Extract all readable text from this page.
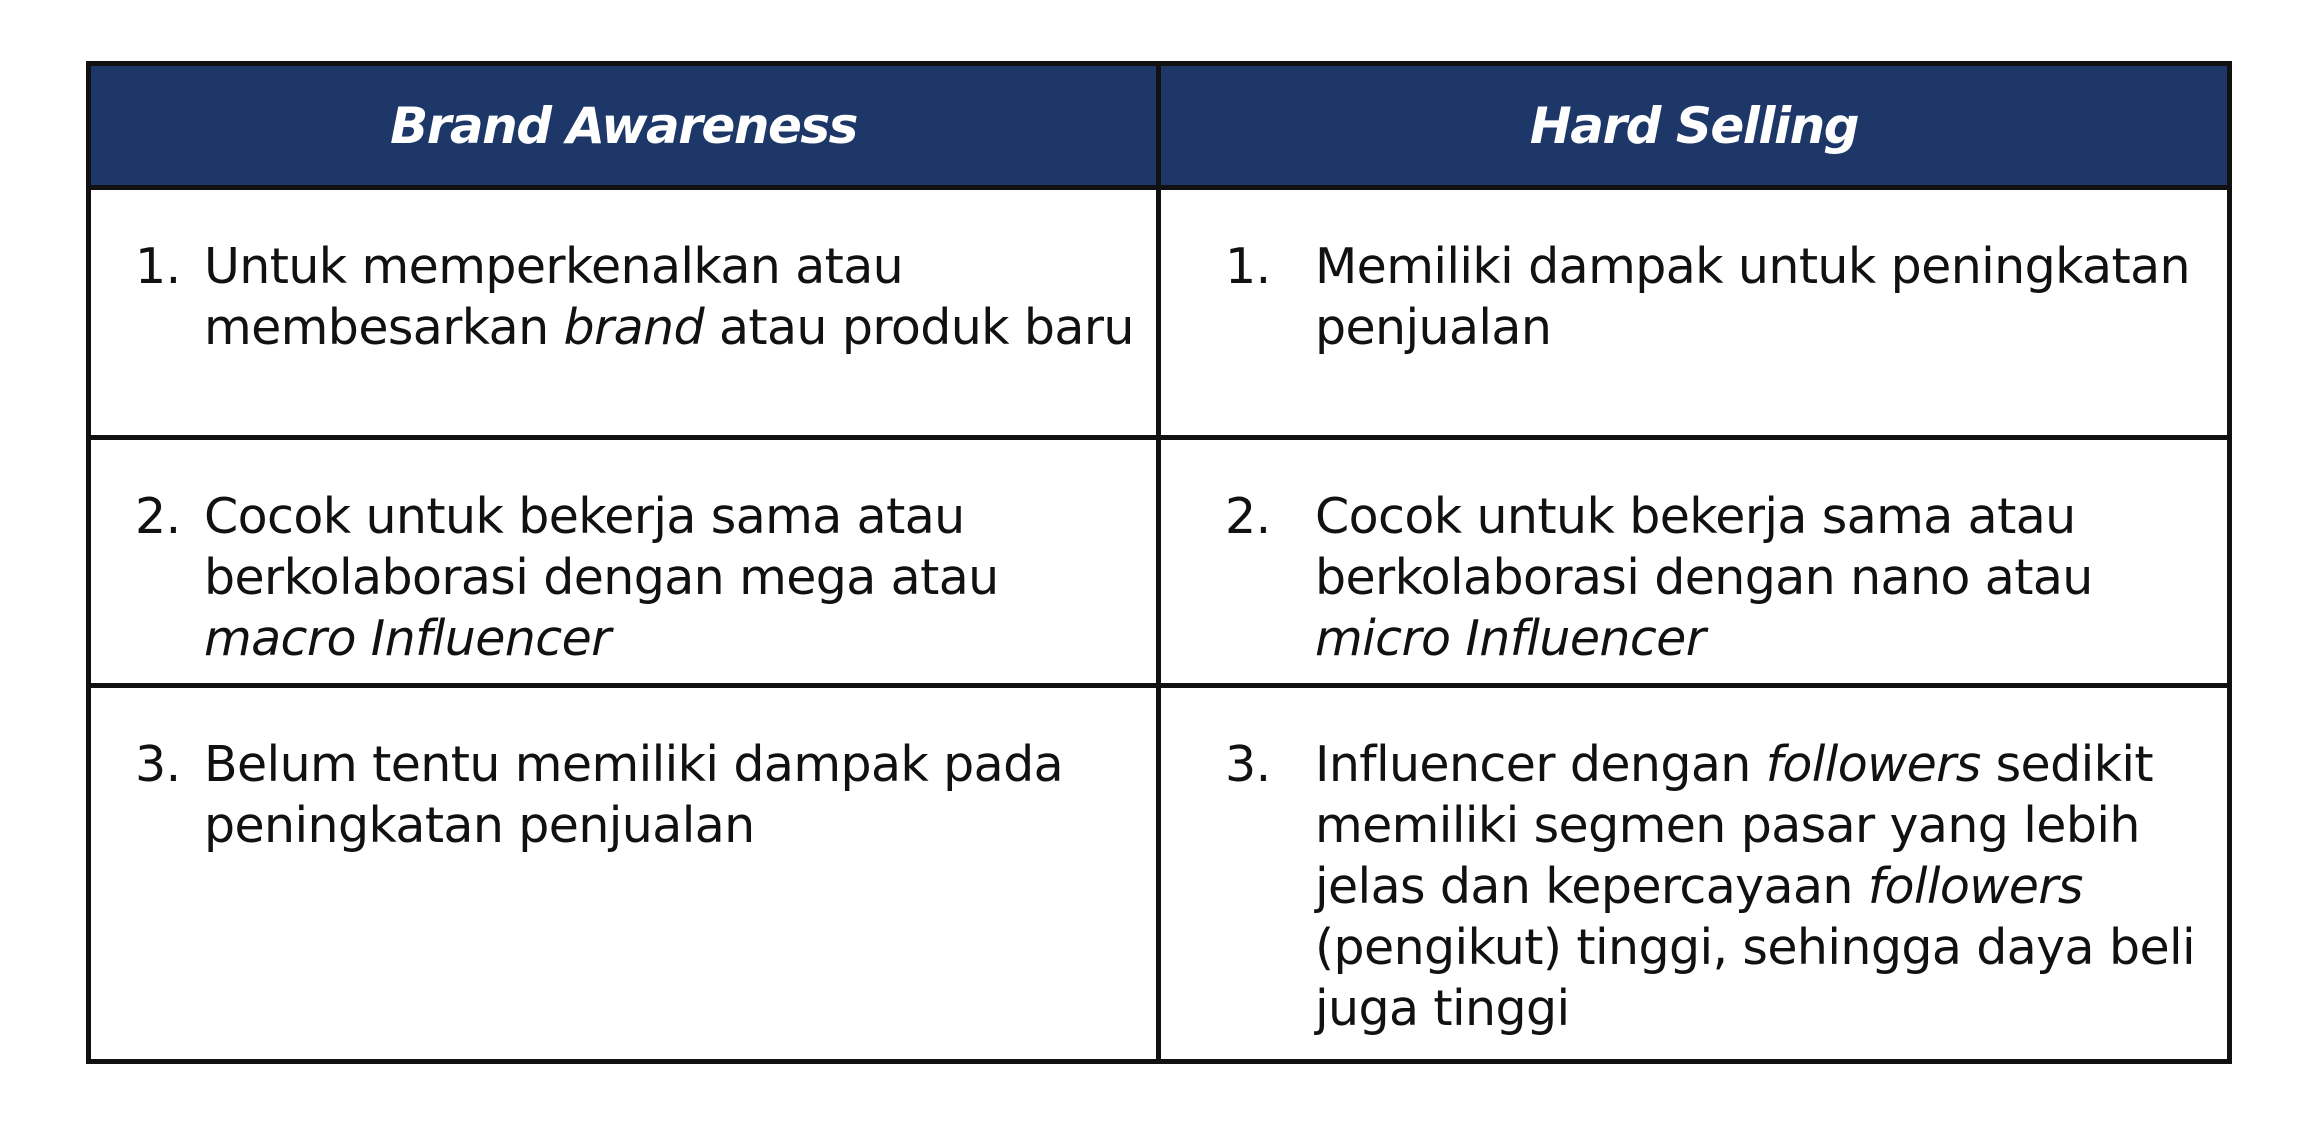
Brand Awareness	Hard Selling

1. Untuk memperkenalkan atau membesarkan brand atau produk baru	1. Memiliki dampak untuk peningkatan penjualan

2. Cocok untuk bekerja sama atau berkolaborasi dengan mega atau macro Influencer	2. Cocok untuk bekerja sama atau berkolaborasi dengan nano atau micro Influencer

3. Belum tentu memiliki dampak pada peningkatan penjualan	3. Influencer dengan followers sedikit memiliki segmen pasar yang lebih jelas dan kepercayaan followers (pengikut) tinggi, sehingga daya beli juga tinggi
